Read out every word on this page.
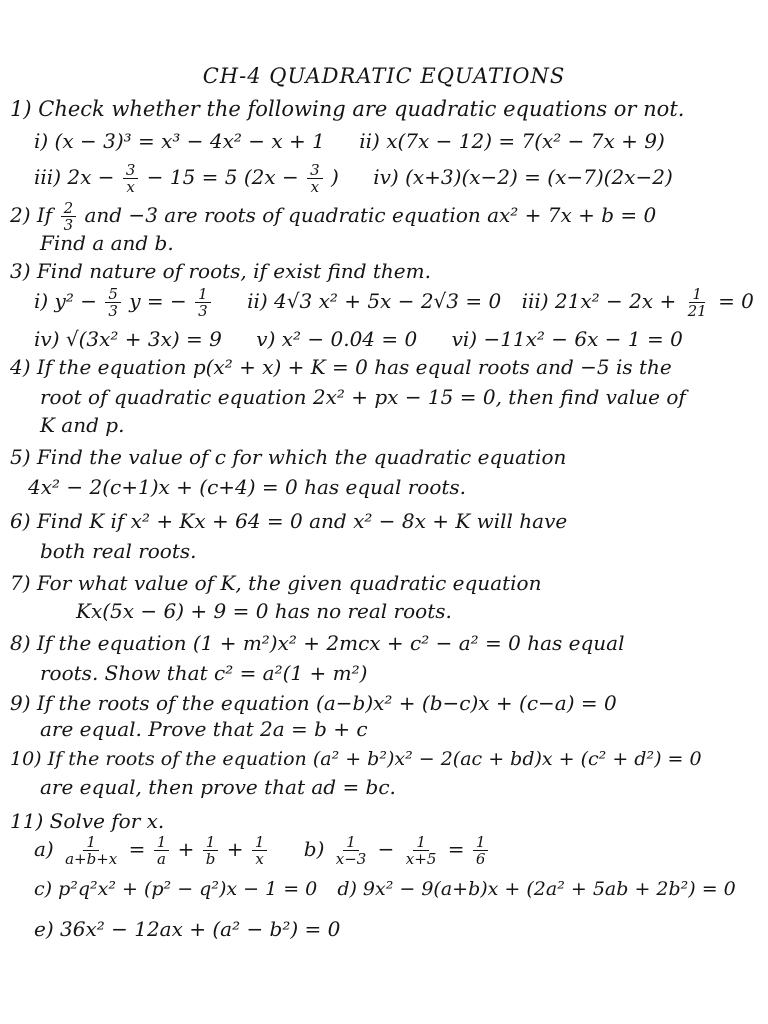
CH-4 QUADRATIC EQUATIONS
1) Check whether the following are quadratic equations or not.
i) (x − 3)³ = x³ − 4x² − x + 1 ii) x(7x − 12) = 7(x² − 7x + 9)
iii) $2x - \frac{3}{x} - 15 = 5$ ($2x - \frac{3}{x}$ ) iv) (x+3)(x−2) = (x−7)(2x−2)
2) If $\frac{2}{3}$ and −3 are roots of quadratic equation ax² + 7x + b = 0
Find a and b.
3) Find nature of roots, if exist find them.
i) $y^2 - \frac{5}{3}$ y = − $\frac{1}{3} ii$) 4√3 x² + 5x − 2√3 = 0 iii) $21x^2 - 2x + \frac{1}{21} = 0$
iv) √(3x² + 3x) = 9 v) x² − 0.04 = 0 vi) −11x² − 6x − 1 = 0
4) If the equation p(x² + x) + K = 0 has equal roots and −5 is the
root of quadratic equation 2x² + px − 15 = 0, then find value of
K and p.
5) Find the value of c for which the quadratic equation
4x² − 2(c+1)x + (c+4) = 0 has equal roots.
6) Find K if x² + Kx + 64 = 0 and x² − 8x + K will have
both real roots.
7) For what value of K, the given quadratic equation
Kx(5x − 6) + 9 = 0 has no real roots.
8) If the equation (1 + m²)x² + 2mcx + c² − a² = 0 has equal
roots. Show that c² = a²(1 + m²)
9) If the roots of the equation (a−b)x² + (b−c)x + (c−a) = 0
are equal. Prove that 2a = b + c
10) If the roots of the equation (a² + b²)x² − 2(ac + bd)x + (c² + d²) = 0
are equal, then prove that ad = bc.
11) Solve for x.
$a) \frac{1}{a+b+x} = \frac{1}{a} + \frac{1}{b} + \frac{1}{x} b) \frac{1}{x-3} - \frac{1}{x+5} = \frac{1}{6}$
c) p²q²x² + (p² − q²)x − 1 = 0 d) 9x² − 9(a+b)x + (2a² + 5ab + 2b²) = 0
e) 36x² − 12ax + (a² − b²) = 0
